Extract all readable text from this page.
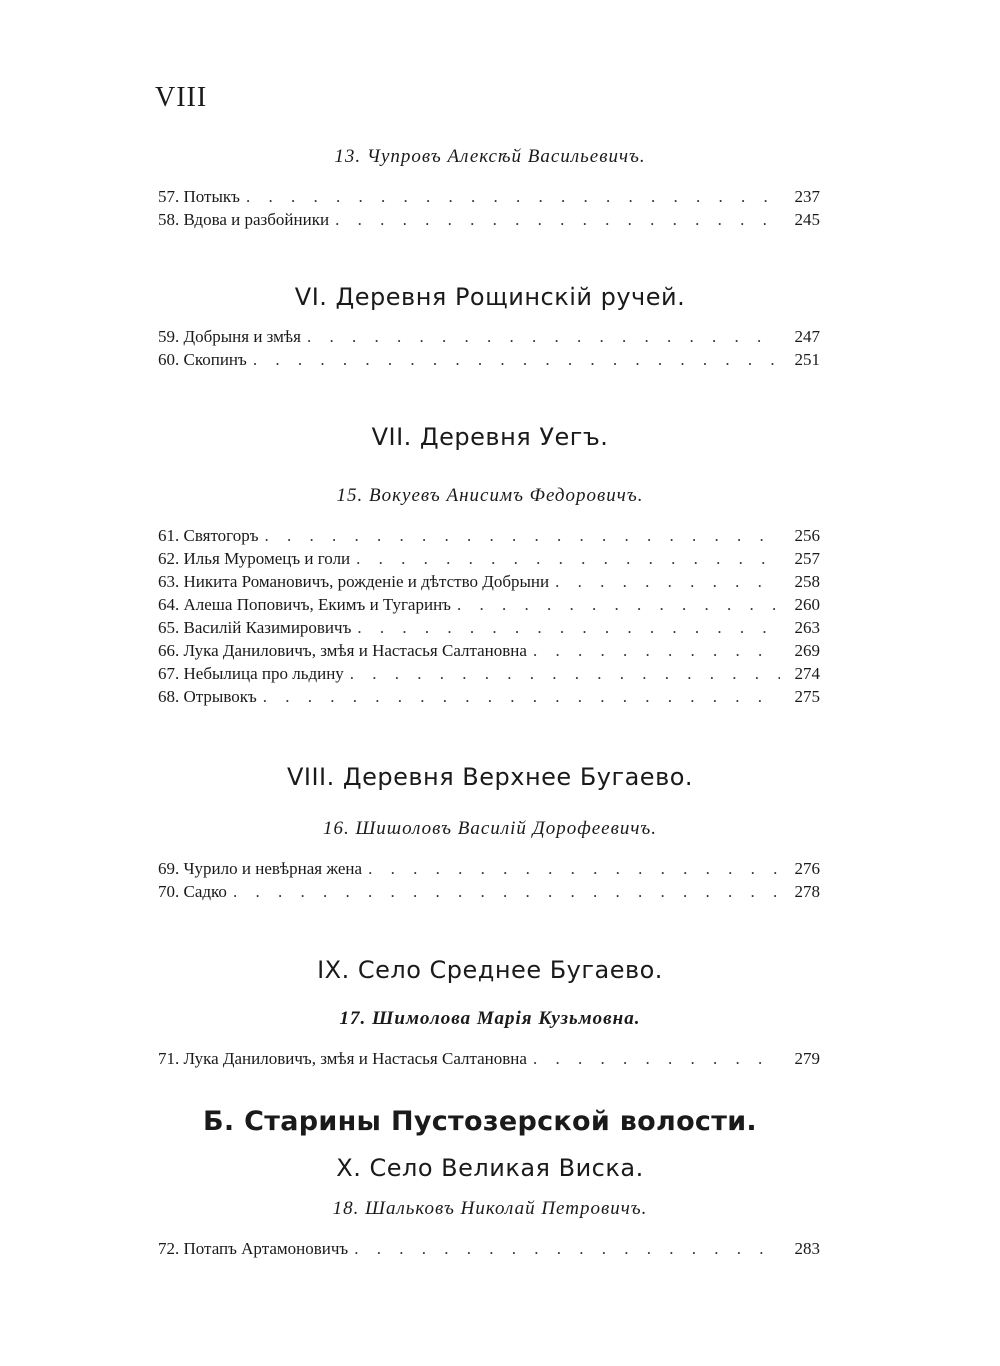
VIII
13. Чупровъ Алексѣй Васильевичъ.
57. Потыкъ . . .	237
58. Вдова и разбойники . . .	245
VI. Деревня Рощинскій ручей.
59. Добрыня и змѣя . . .	247
60. Скопинъ . . .	251
VII. Деревня Уегъ.
15. Вокуевъ Анисимъ Федоровичъ.
61. Святогоръ . . .	256
62. Илья Муромецъ и голи . . .	257
63. Никита Романовичъ, рожденіе и дѣтство Добрыни . . .	258
64. Алеша Поповичъ, Екимъ и Тугаринъ . . .	260
65. Василій Казимировичъ . . .	263
66. Лука Даниловичъ, змѣя и Настасья Салтановна . . .	269
67. Небылица про льдину . . .	274
68. Отрывокъ . . .	275
VIII. Деревня Верхнее Бугаево.
16. Шишоловъ Василій Дорофеевичъ.
69. Чурило и невѣрная жена . . .	276
70. Садко . . .	278
IX. Село Среднее Бугаево.
17. Шимолова Марія Кузьмовна.
71. Лука Даниловичъ, змѣя и Настасья Салтановна . . .	279
Б. Старины Пустозерской волости.
X. Село Великая Виска.
18. Шальковъ Николай Петровичъ.
72. Потапъ Артамоновичъ . . .	283
